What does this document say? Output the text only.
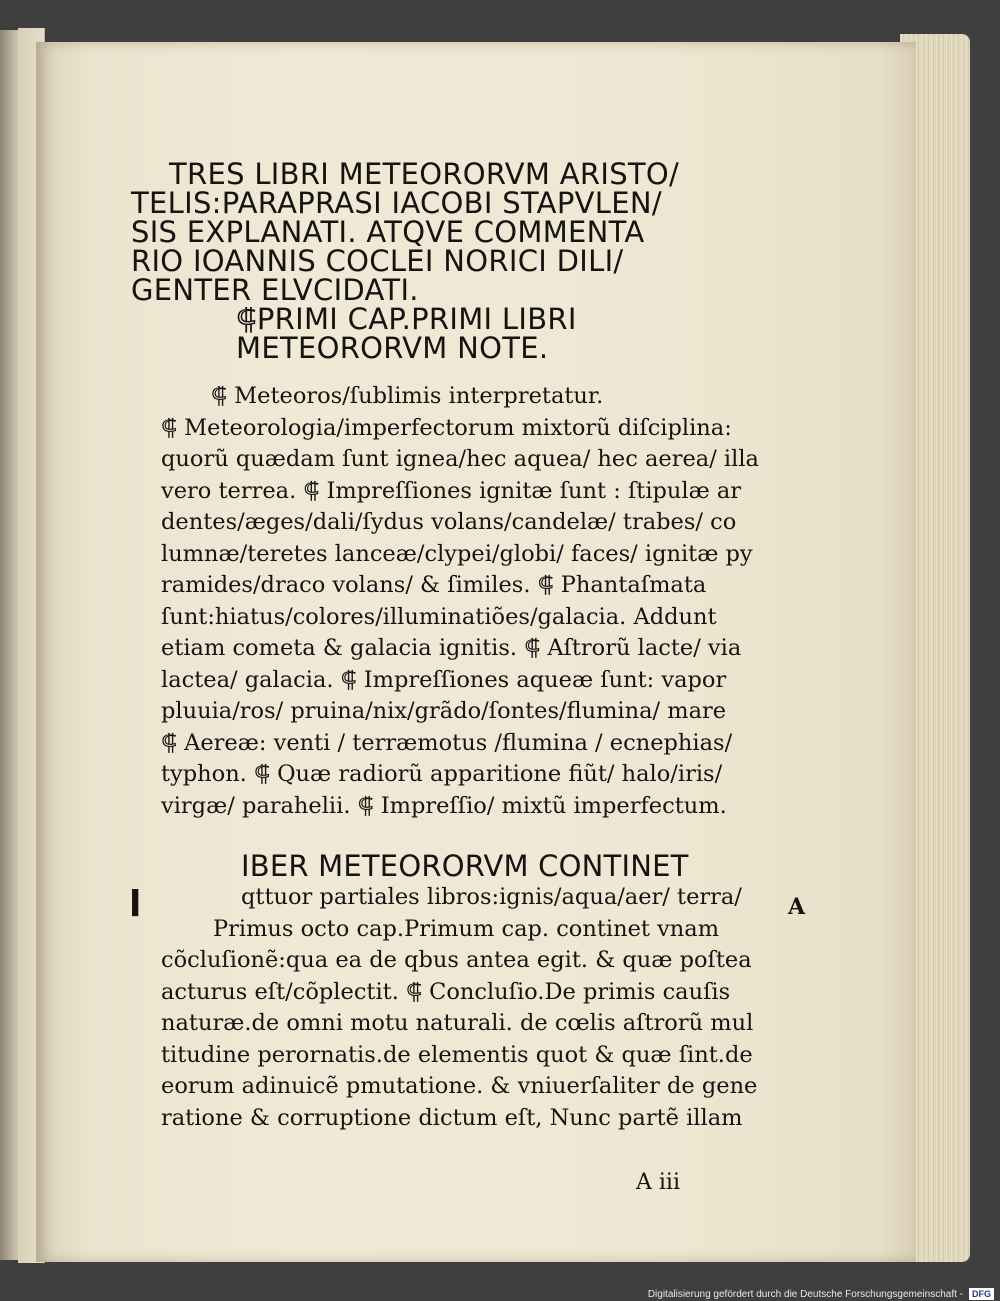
TRES LIBRI METEORORVM ARISTO/
TELIS:PARAPRASI IACOBI STAPVLEN/
SIS EXPLANATI. ATQVE COMMENTA
RIO IOANNIS COCLEI NORICI DILI/
GENTER ELVCIDATI.
⸿PRIMI CAP.PRIMI LIBRI
METEORORVM NOTE.
⸿ Meteoros/ſublimis interpretatur.
⸿ Meteorologia/imperfectorum mixtorũ diſciplina:
quorũ quædam ſunt ignea/hec aquea/ hec aerea/ illa
vero terrea. ⸿ Impreſſiones ignitæ ſunt : ſtipulæ ar
dentes/æges/dali/ſydus volans/candelæ/ trabes/ co
lumnæ/teretes lanceæ/clypei/globi/ faces/ ignitæ py
ramides/draco volans/ & ſimiles. ⸿ Phantaſmata
ſunt:hiatus/colores/illuminatiões/galacia. Addunt
etiam cometa & galacia ignitis. ⸿ Aſtrorũ lacte/ via
lactea/ galacia. ⸿ Impreſſiones aqueæ ſunt: vapor
pluuia/ros/ pruina/nix/grãdo/ſontes/flumina/ mare
⸿ Aereæ: venti / terræmotus /flumina / ecnephias/
typhon. ⸿ Quæ radiorũ apparitione fiũt/ halo/iris/
virgæ/ parahelii. ⸿ Impreſſio/ mixtũ imperfectum.
IBER METEORORVM CONTINET
l	qttuor partiales libros:ignis/aqua/aer/ terra/
Primus octo cap.Primum cap. continet vnam
cõcluſionẽ:qua ea de qbus antea egit. & quæ poſtea
acturus eſt/cõplectit. ⸿ Concluſio.De primis cauſis
naturæ.de omni motu naturali. de cœlis aſtrorũ mul
titudine perornatis.de elementis quot & quæ ſint.de
eorum adinuicẽ pmutatione. & vniuerſaliter de gene
ratione & corruptione dictum eſt, Nunc partẽ illam
A
A iii
Digitalisierung gefördert durch die Deutsche Forschungsgemeinschaft -	DFG
